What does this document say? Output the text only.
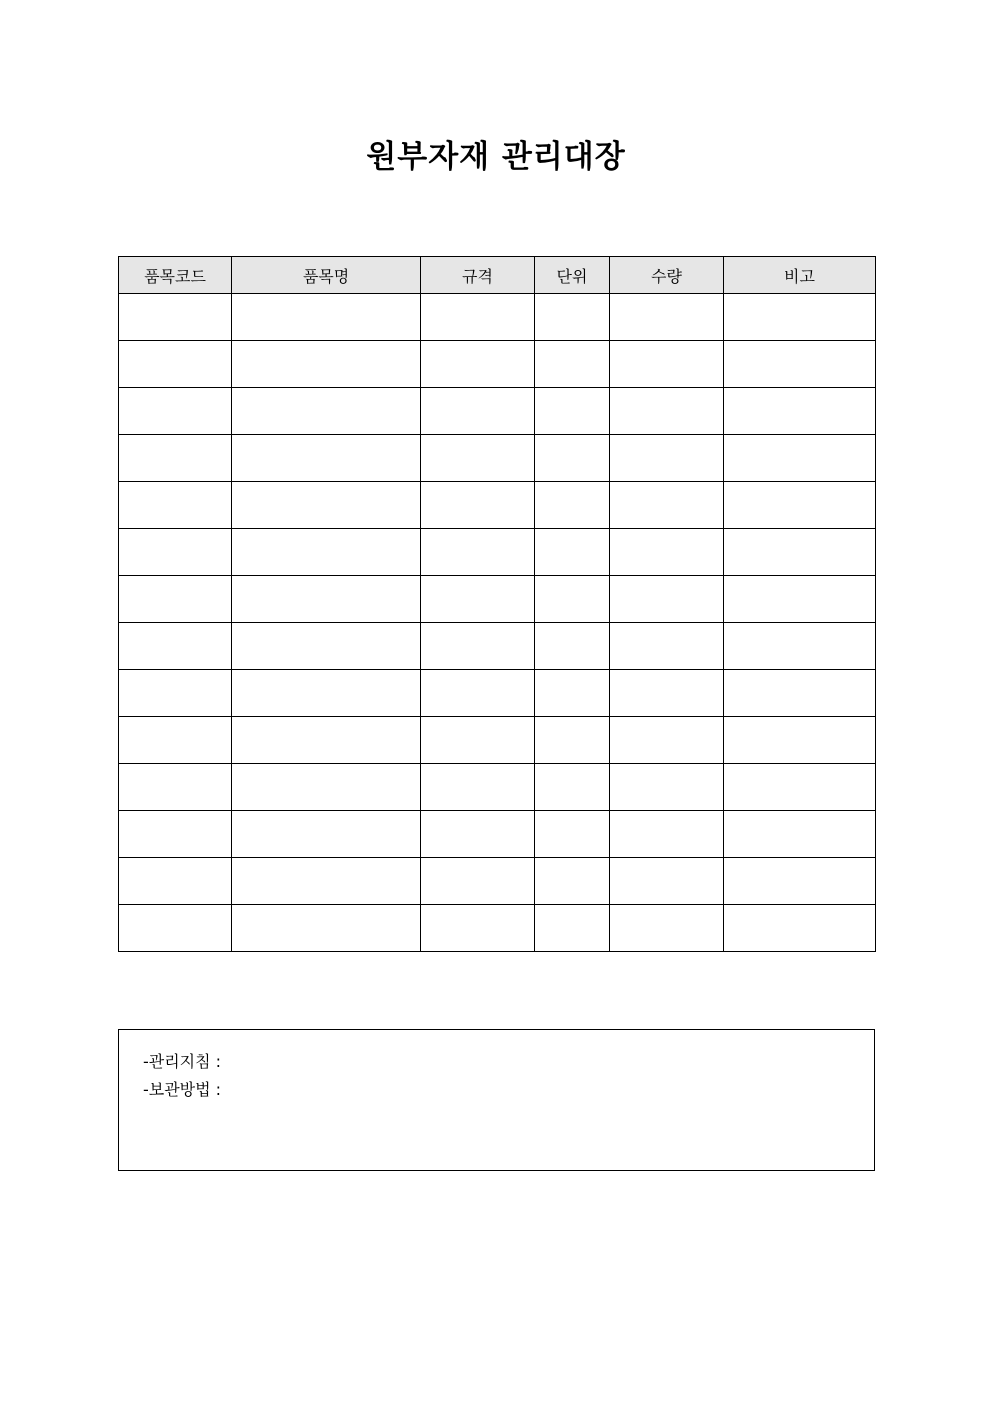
원부자재 관리대장
품목코드	품목명	규격	단위	수량	비고

-관리지침 :
-보관방법 :
